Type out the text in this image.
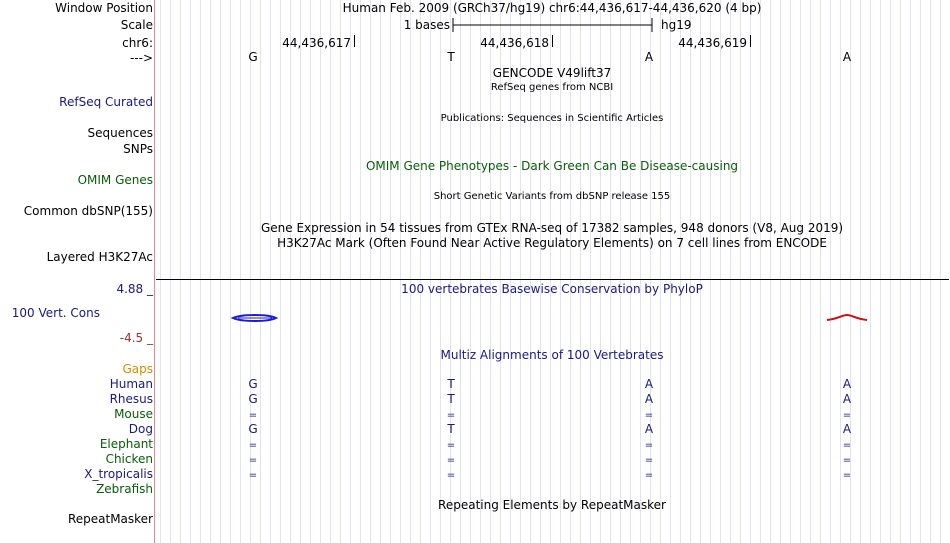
Window Position	Human Feb. 2009 (GRCh37/hg19) chr6:44,436,617-44,436,620 (4 bp)
Scale	1 bases	hg19
chr6:	44,436,617	44,436,618	44,436,619
--->	G	T	A	A
GENCODE V49lift37
RefSeq genes from NCBI
RefSeq Curated
Publications: Sequences in Scientific Articles
Sequences
SNPs
OMIM Gene Phenotypes - Dark Green Can Be Disease-causing
OMIM Genes
Short Genetic Variants from dbSNP release 155
Common dbSNP(155)
Gene Expression in 54 tissues from GTEx RNA-seq of 17382 samples, 948 donors (V8, Aug 2019)
H3K27Ac Mark (Often Found Near Active Regulatory Elements) on 7 cell lines from ENCODE
Layered H3K27Ac
4.88 _	100 vertebrates Basewise Conservation by PhyloP
100 Vert. Cons
-4.5 _
Multiz Alignments of 100 Vertebrates
Gaps
Human	G	T	A	A
Rhesus	G	T	A	A
Mouse	=	=	=	=
Dog	G	T	A	A
Elephant	=	=	=	=
Chicken	=	=	=	=
X_tropicalis	=	=	=	=
Zebrafish
Repeating Elements by RepeatMasker
RepeatMasker
